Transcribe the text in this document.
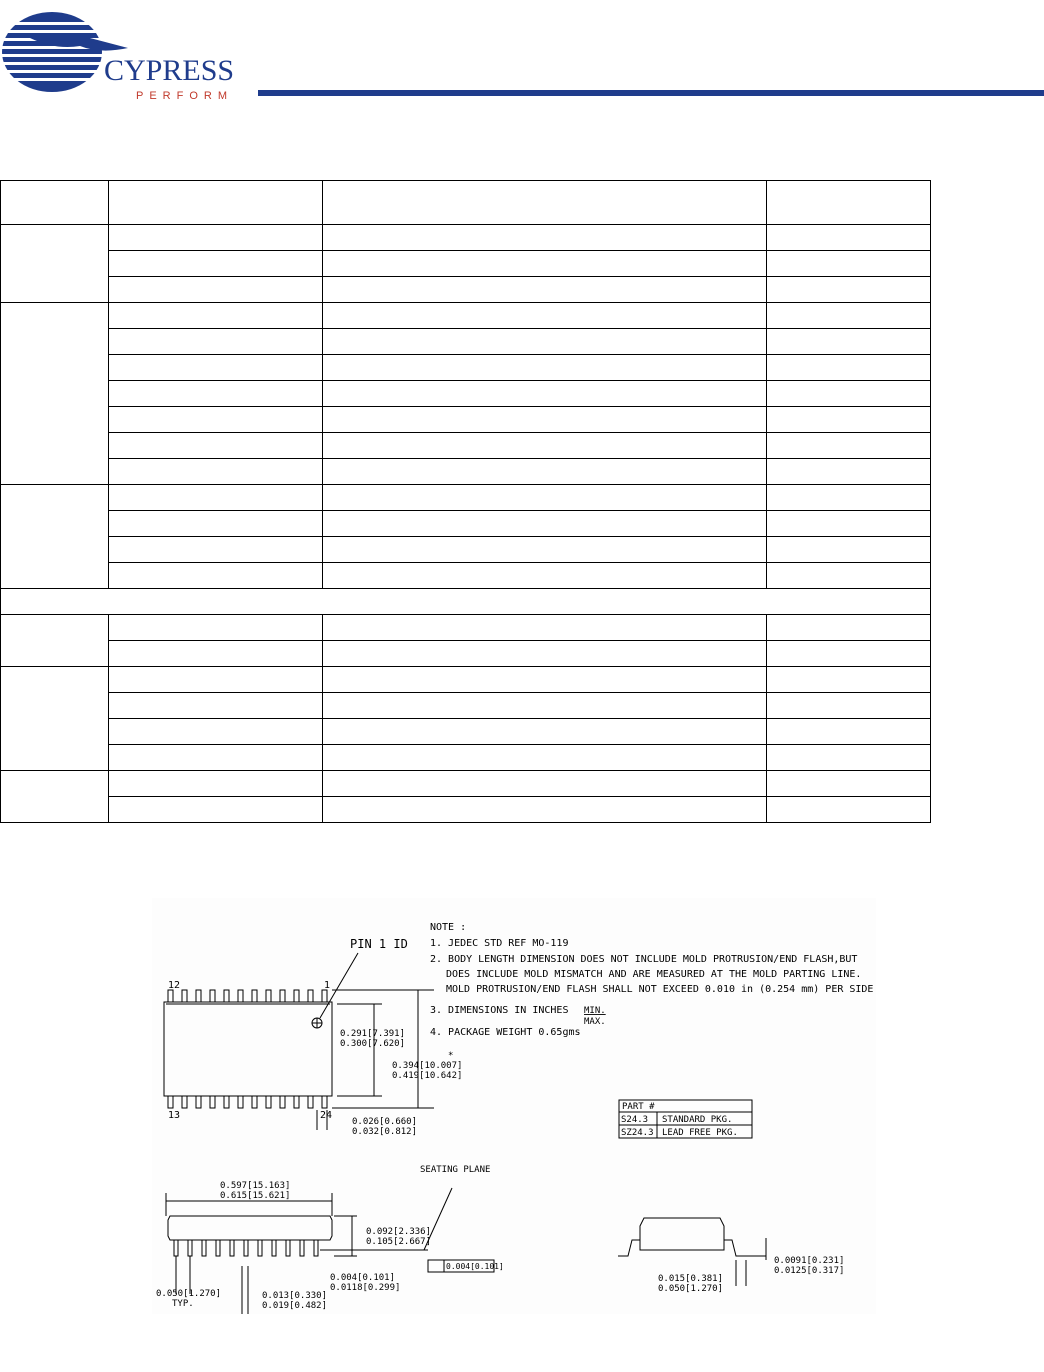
CYPRESS
PERFORM

NOTE :
1. JEDEC STD REF MO-119
2. BODY LENGTH DIMENSION DOES NOT INCLUDE MOLD PROTRUSION/END FLASH,BUT
DOES INCLUDE MOLD MISMATCH AND ARE MEASURED AT THE MOLD PARTING LINE.
MOLD PROTRUSION/END FLASH SHALL NOT EXCEED 0.010 in (0.254 mm) PER SIDE
3. DIMENSIONS IN INCHES MIN.
MAX.
4. PACKAGE WEIGHT 0.65gms
PIN 1 ID
12	1
13	24
0.291[7.391]
0.300[7.620]
0.394[10.007]
0.419[10.642]
*
0.026[0.660]
0.032[0.812]
PART #
S24.3 STANDARD PKG.
SZ24.3 LEAD FREE PKG.
0.597[15.163]
0.615[15.621]
SEATING PLANE
0.092[2.336]
0.105[2.667]
0.004[0.101]
0.0118[0.299]
0.004[0.101]
0.050[1.270]
TYP.
0.013[0.330]
0.019[0.482]
0.015[0.381]
0.050[1.270]
0.0091[0.231]
0.0125[0.317]
